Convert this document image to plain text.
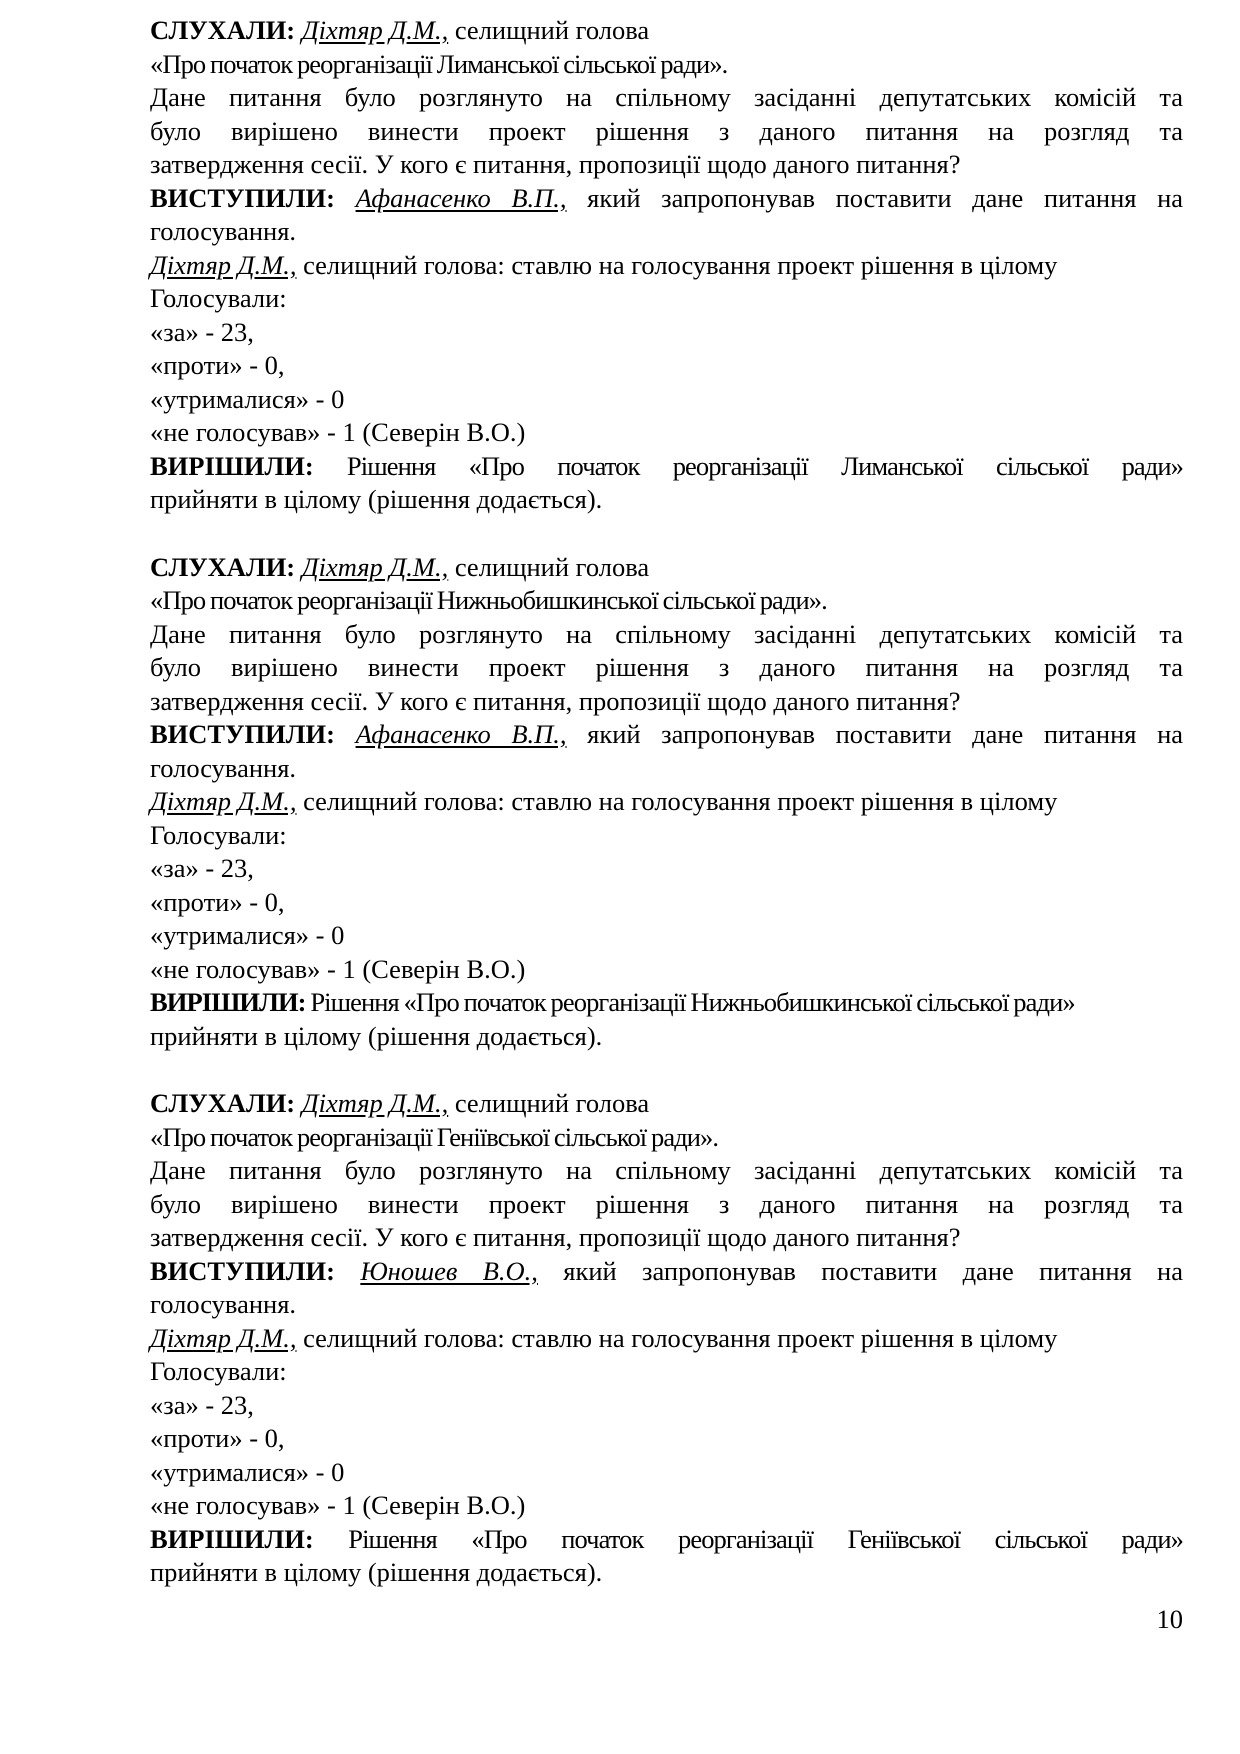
СЛУХАЛИ: Діхтяр Д.М., селищний голова
«Про початок реорганізації Лиманської сільської ради».
Дане питання було розглянуто на спільному засіданні депутатських комісій та
було вирішено винести проект рішення з даного питання на розгляд та
затвердження сесії. У кого є питання, пропозиції щодо даного питання?
ВИСТУПИЛИ: Афанасенко В.П., який запропонував поставити дане питання на
голосування.
Діхтяр Д.М., селищний голова: ставлю на голосування проект рішення в цілому
Голосували:
«за» - 23,
«проти» - 0,
«утрималися» - 0
«не голосував» - 1 (Северін В.О.)
ВИРІШИЛИ: Рішення «Про початок реорганізації Лиманської сільської ради»
прийняти в цілому (рішення додається).
СЛУХАЛИ: Діхтяр Д.М., селищний голова
«Про початок реорганізації Нижньобишкинської сільської ради».
Дане питання було розглянуто на спільному засіданні депутатських комісій та
було вирішено винести проект рішення з даного питання на розгляд та
затвердження сесії. У кого є питання, пропозиції щодо даного питання?
ВИСТУПИЛИ: Афанасенко В.П., який запропонував поставити дане питання на
голосування.
Діхтяр Д.М., селищний голова: ставлю на голосування проект рішення в цілому
Голосували:
«за» - 23,
«проти» - 0,
«утрималися» - 0
«не голосував» - 1 (Северін В.О.)
ВИРІШИЛИ: Рішення «Про початок реорганізації Нижньобишкинської сільської ради»
прийняти в цілому (рішення додається).
СЛУХАЛИ: Діхтяр Д.М., селищний голова
«Про початок реорганізації Геніївської сільської ради».
Дане питання було розглянуто на спільному засіданні депутатських комісій та
було вирішено винести проект рішення з даного питання на розгляд та
затвердження сесії. У кого є питання, пропозиції щодо даного питання?
ВИСТУПИЛИ: Юношев В.О., який запропонував поставити дане питання на
голосування.
Діхтяр Д.М., селищний голова: ставлю на голосування проект рішення в цілому
Голосували:
«за» - 23,
«проти» - 0,
«утрималися» - 0
«не голосував» - 1 (Северін В.О.)
ВИРІШИЛИ: Рішення «Про початок реорганізації Геніївської сільської ради»
прийняти в цілому (рішення додається).
10
